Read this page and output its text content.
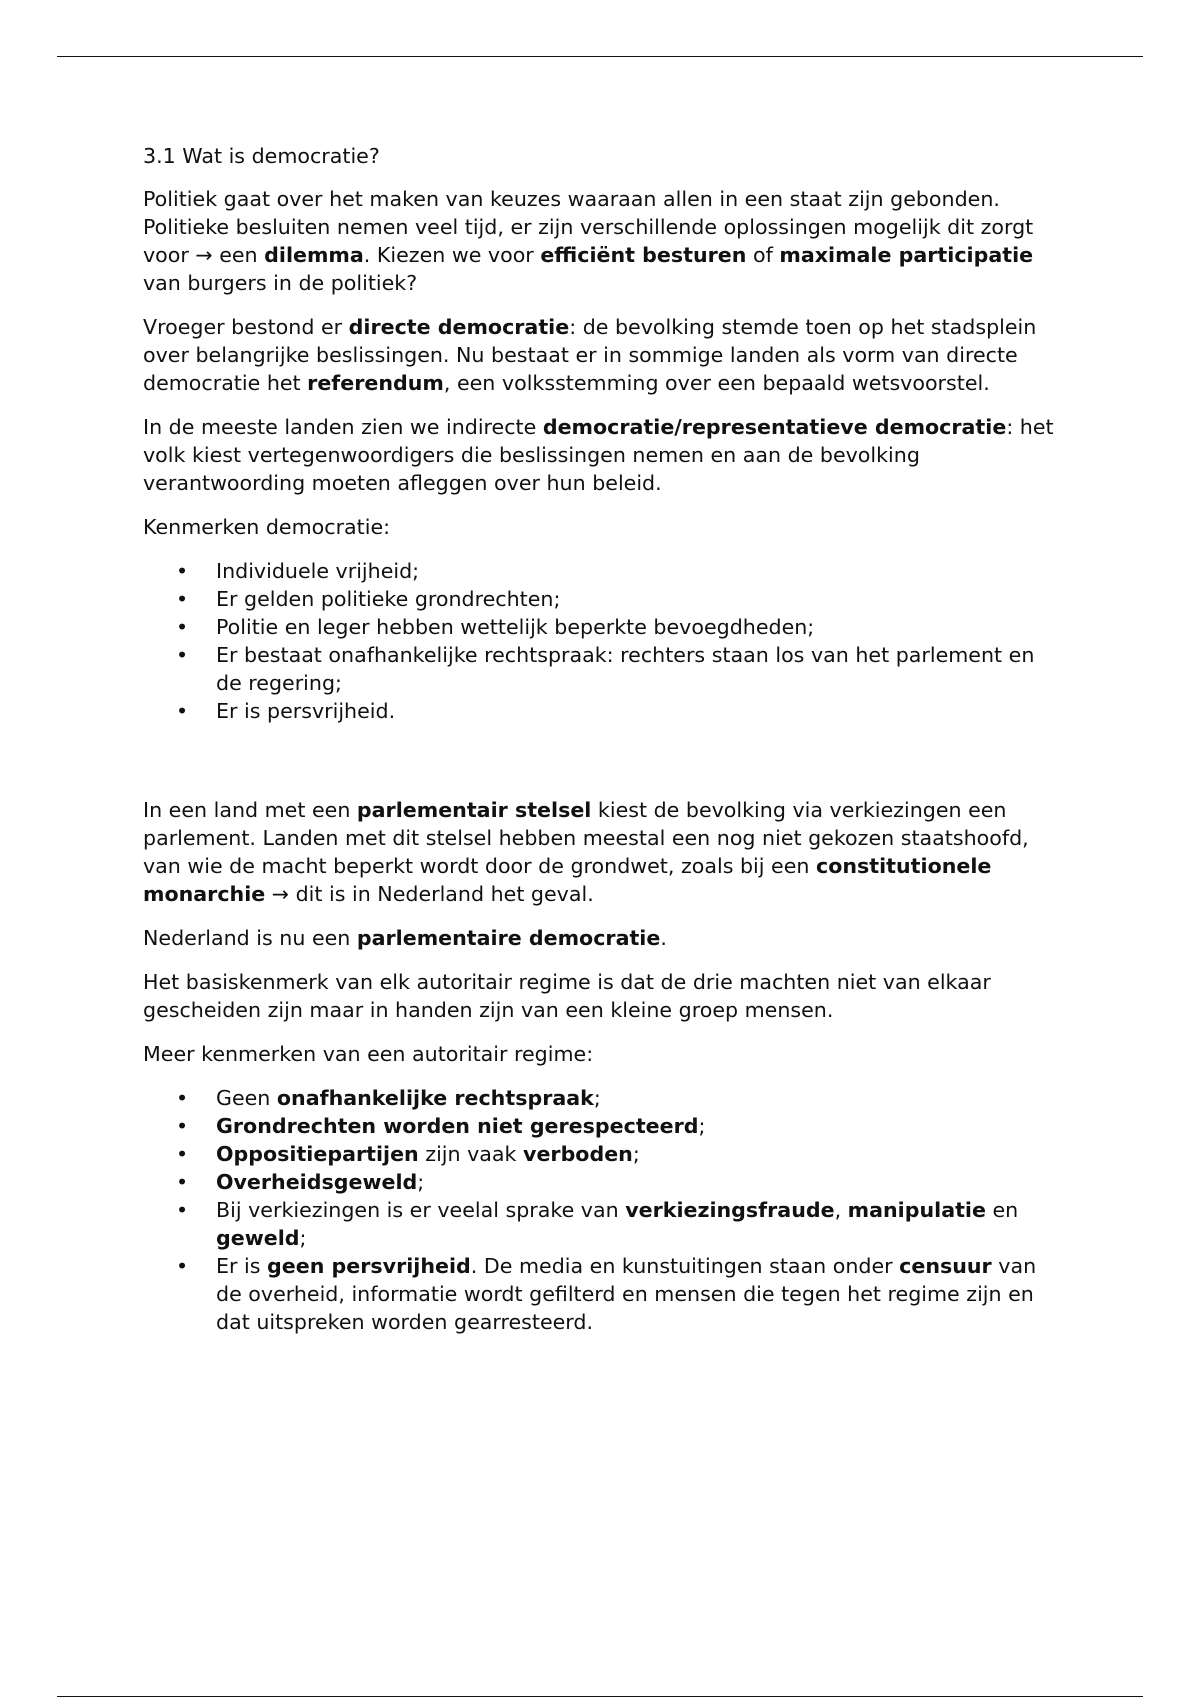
3.1 Wat is democratie?

Politiek gaat over het maken van keuzes waaraan allen in een staat zijn gebonden. Politieke besluiten nemen veel tijd, er zijn verschillende oplossingen mogelijk dit zorgt voor → een dilemma. Kiezen we voor efficiënt besturen of maximale participatie van burgers in de politiek?

Vroeger bestond er directe democratie: de bevolking stemde toen op het stadsplein over belangrijke beslissingen. Nu bestaat er in sommige landen als vorm van directe democratie het referendum, een volksstemming over een bepaald wetsvoorstel.

In de meeste landen zien we indirecte democratie/representatieve democratie: het volk kiest vertegenwoordigers die beslissingen nemen en aan de bevolking verantwoording moeten afleggen over hun beleid.

Kenmerken democratie:

• Individuele vrijheid;
• Er gelden politieke grondrechten;
• Politie en leger hebben wettelijk beperkte bevoegdheden;
• Er bestaat onafhankelijke rechtspraak: rechters staan los van het parlement en de regering;
• Er is persvrijheid.

In een land met een parlementair stelsel kiest de bevolking via verkiezingen een parlement. Landen met dit stelsel hebben meestal een nog niet gekozen staatshoofd, van wie de macht beperkt wordt door de grondwet, zoals bij een constitutionele monarchie → dit is in Nederland het geval.

Nederland is nu een parlementaire democratie.

Het basiskenmerk van elk autoritair regime is dat de drie machten niet van elkaar gescheiden zijn maar in handen zijn van een kleine groep mensen.

Meer kenmerken van een autoritair regime:

• Geen onafhankelijke rechtspraak;
• Grondrechten worden niet gerespecteerd;
• Oppositiepartijen zijn vaak verboden;
• Overheidsgeweld;
• Bij verkiezingen is er veelal sprake van verkiezingsfraude, manipulatie en geweld;
• Er is geen persvrijheid. De media en kunstuitingen staan onder censuur van de overheid, informatie wordt gefilterd en mensen die tegen het regime zijn en dat uitspreken worden gearresteerd.
